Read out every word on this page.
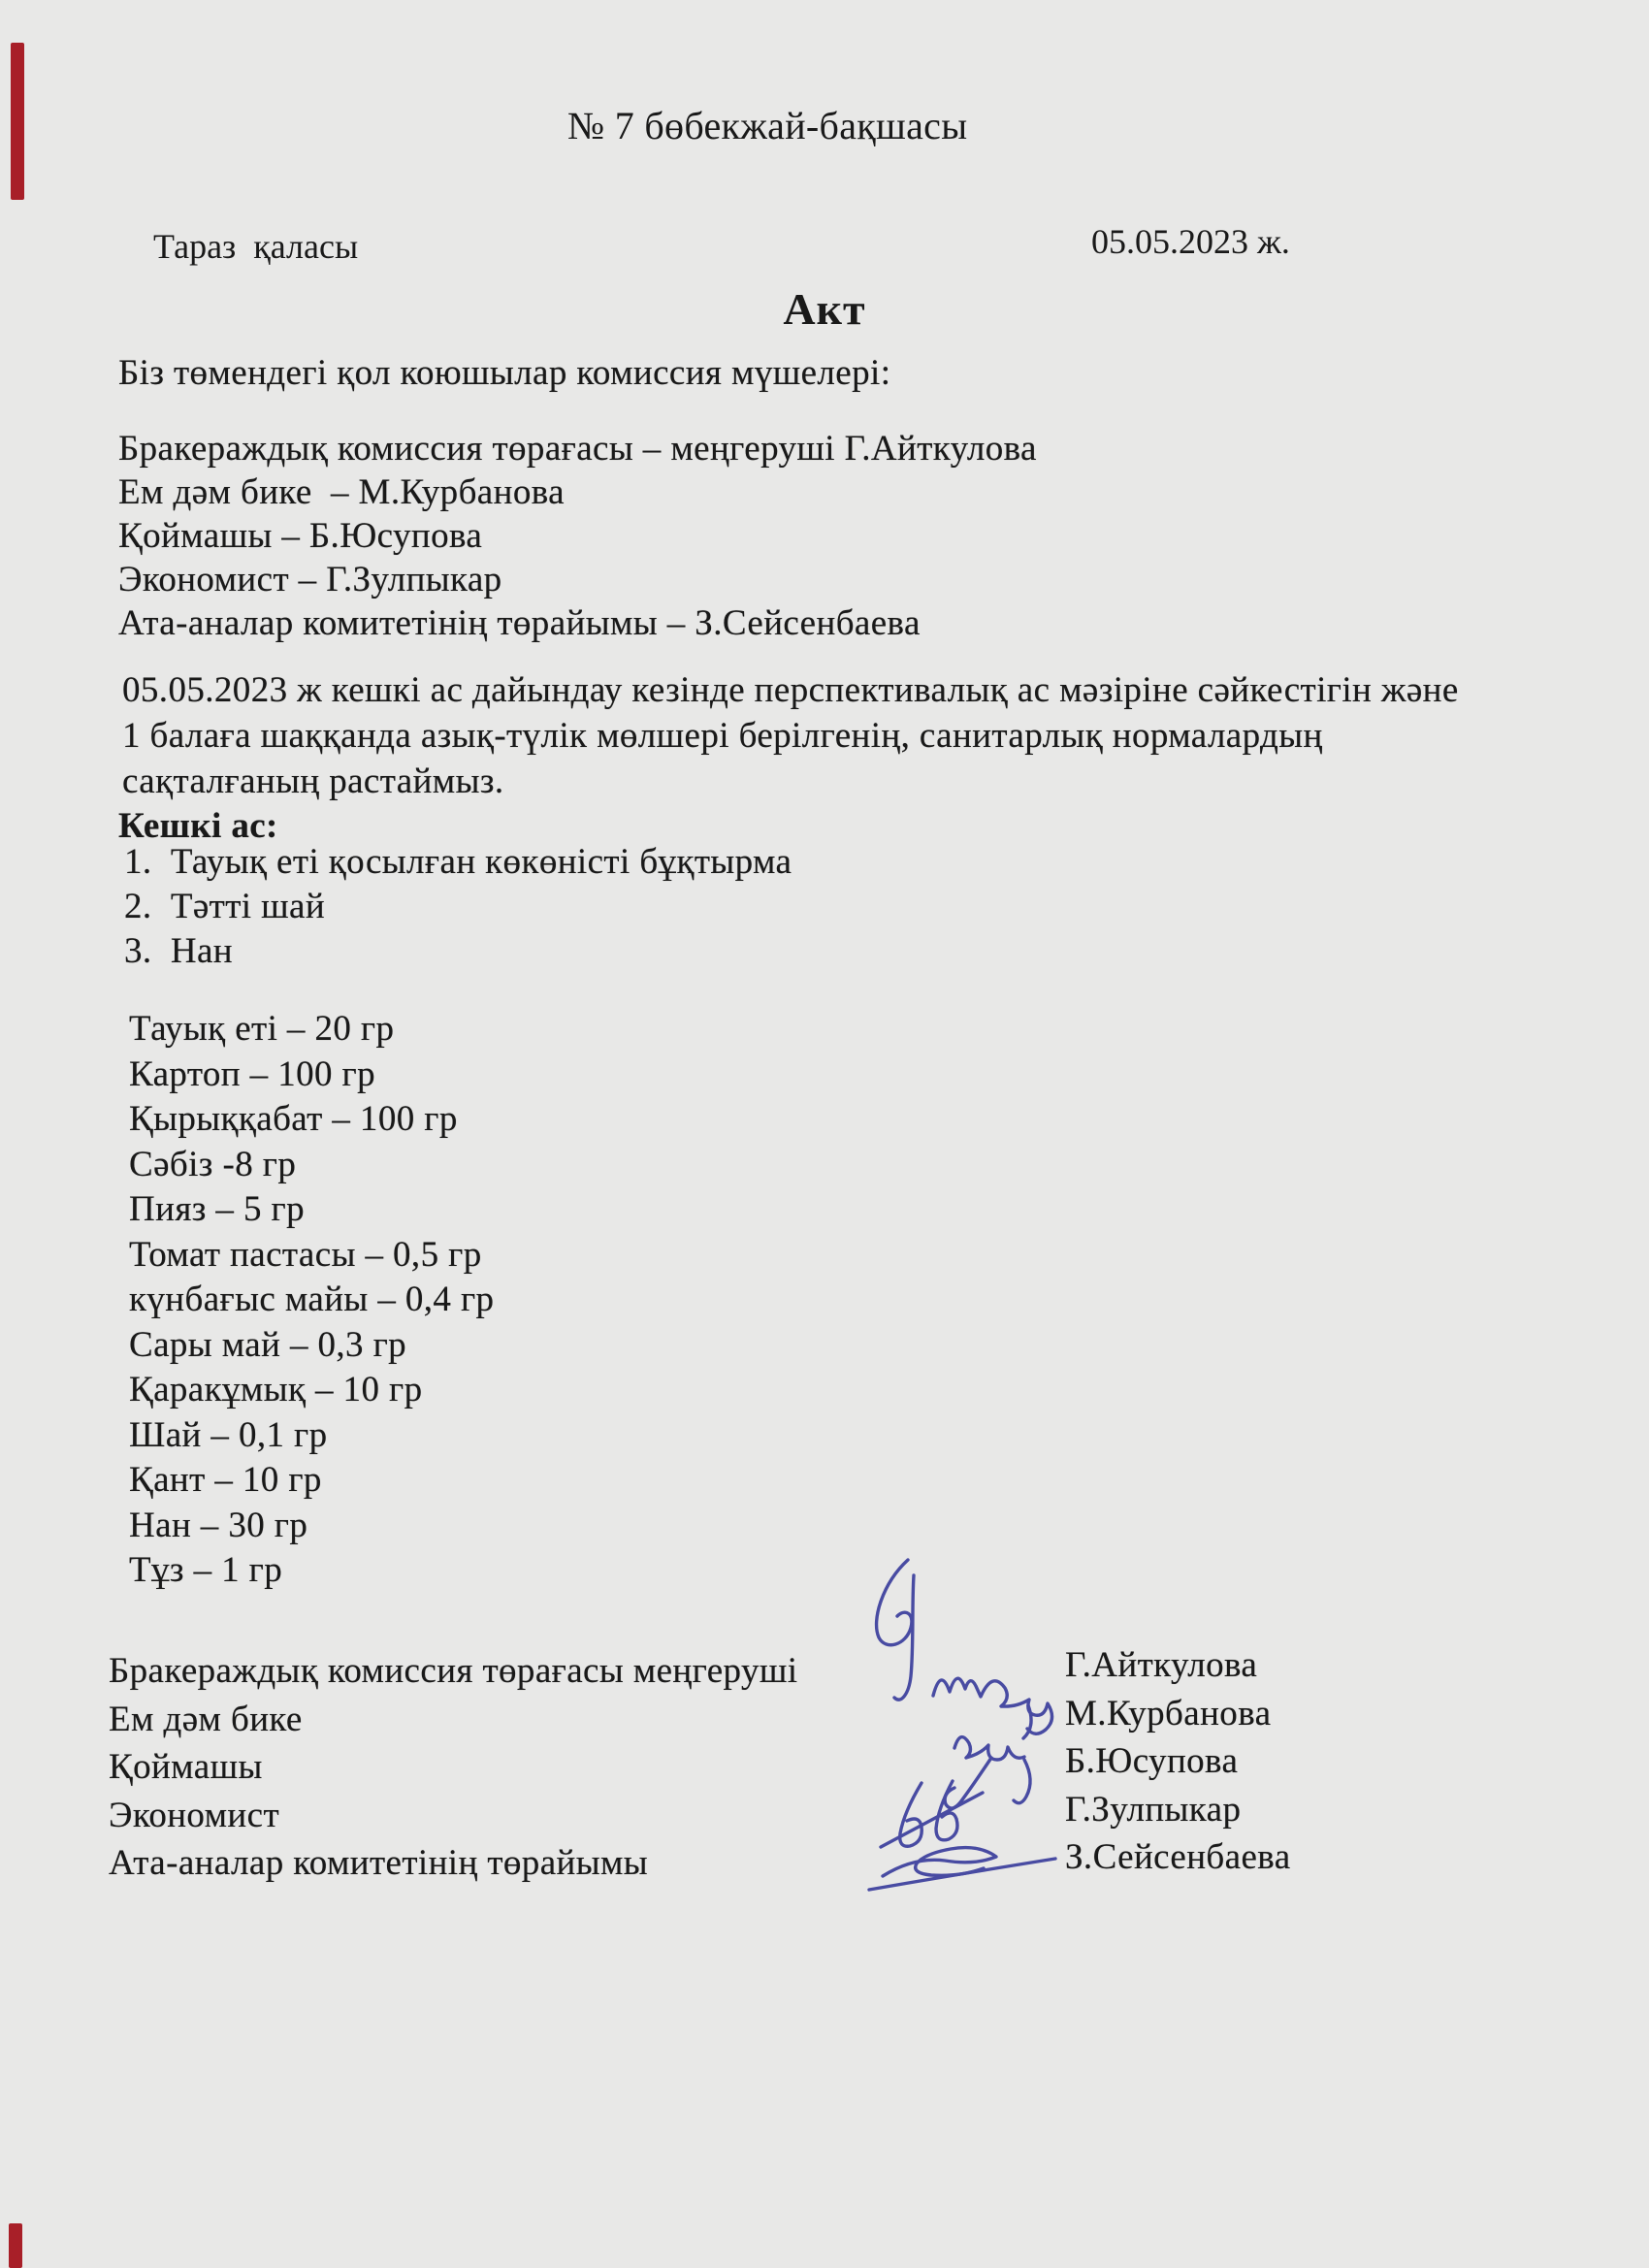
№ 7 бөбекжай-бақшасы
Тараз  қаласы	05.05.2023 ж.
Акт
Біз төмендегі қол коюшылар комиссия мүшелері:
Бракераждық комиссия төрағасы – меңгеруші Г.Айткулова
Ем дәм бике  – М.Курбанова
Қоймашы – Б.Юсупова
Экономист – Г.Зулпыкар
Ата-аналар комитетінің төрайымы – З.Сейсенбаева
05.05.2023 ж кешкі ас дайындау кезінде перспективалық ас мәзіріне сәйкестігін және
1 балаға шаққанда азық-түлік мөлшері берілгенің, санитарлық нормалардың
сақталғаның растаймыз.
Кешкі ас:
1.  Тауық еті қосылған көкөністі бұқтырма
2.  Тәтті шай
3.  Нан
Тауық еті – 20 гр
Картоп – 100 гр
Қырыққабат – 100 гр
Сәбіз -8 гр
Пияз – 5 гр
Томат пастасы – 0,5 гр
күнбағыс майы – 0,4 гр
Сары май – 0,3 гр
Қаракұмық – 10 гр
Шай – 0,1 гр
Қант – 10 гр
Нан – 30 гр
Тұз – 1 гр
Бракераждық комиссия төрағасы меңгеруші
Ем дәм бике
Қоймашы
Экономист
Ата-аналар комитетінің төрайымы
Г.Айткулова
М.Курбанова
Б.Юсупова
Г.Зулпыкар
З.Сейсенбаева
